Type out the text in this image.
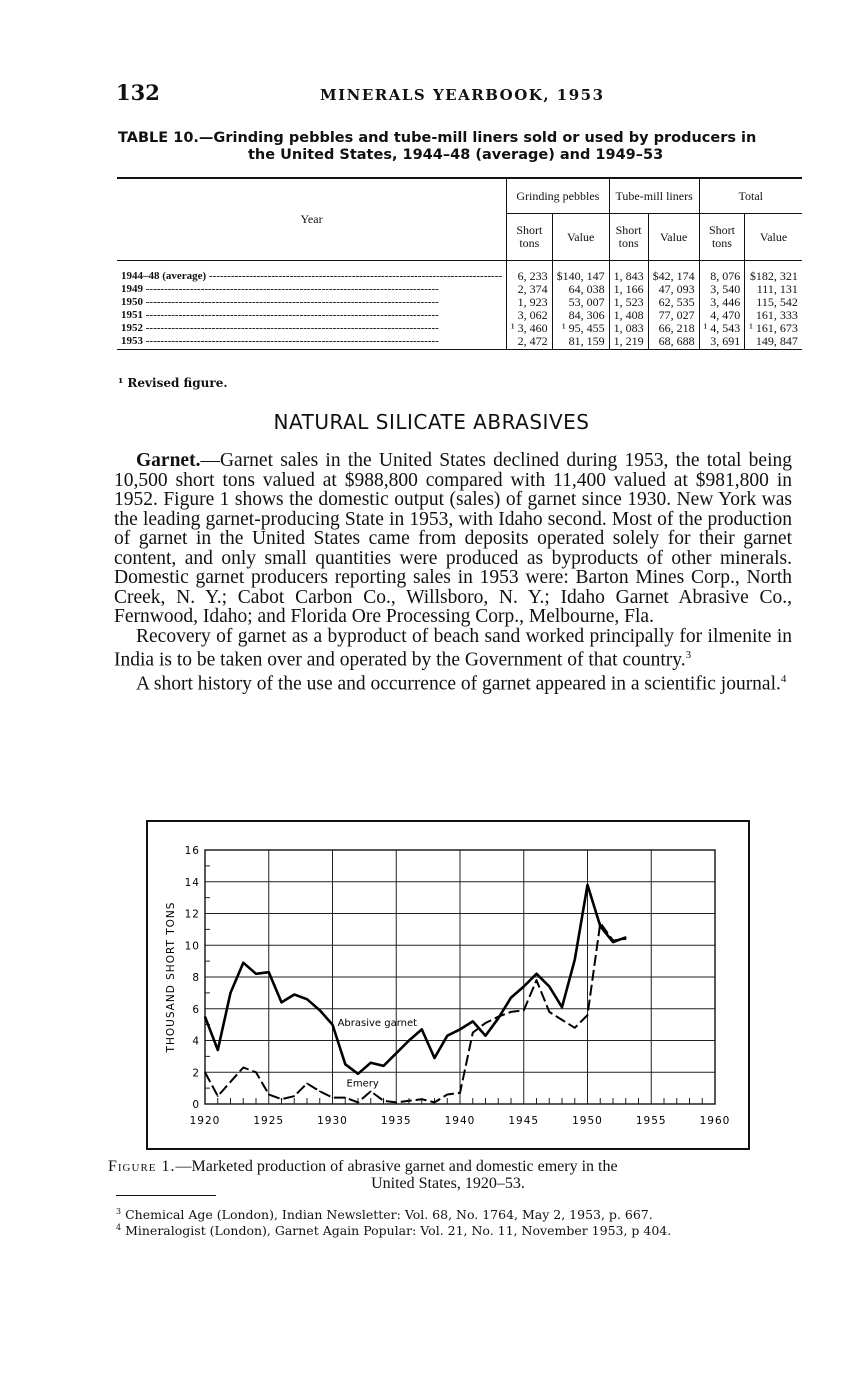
132	MINERALS YEARBOOK, 1953
TABLE 10.—Grinding pebbles and tube-mill liners sold or used by producers in
the United States, 1944–48 (average) and 1949–53
Year	Grinding pebbles		Tube-mill liners		Total	
	Short tons	Value	Short tons	Value	Short tons	Value
1944–48 (average) --------------------------------------------------------------------------------	6, 233	$140, 147	1, 843	$42, 174	8, 076	$182, 321
1949 --------------------------------------------------------------------------------	2, 374	64, 038	1, 166	47, 093	3, 540	111, 131
1950 --------------------------------------------------------------------------------	1, 923	53, 007	1, 523	62, 535	3, 446	115, 542
1951 --------------------------------------------------------------------------------	3, 062	84, 306	1, 408	77, 027	4, 470	161, 333
1952 --------------------------------------------------------------------------------	¹ 3, 460	¹ 95, 455	1, 083	66, 218	¹ 4, 543	¹ 161, 673
1953 --------------------------------------------------------------------------------	2, 472	81, 159	1, 219	68, 688	3, 691	149, 847
¹ Revised figure.
NATURAL SILICATE ABRASIVES

Garnet.—Garnet sales in the United States declined during 1953, the total being 10,500 short tons valued at $988,800 compared with 11,400 valued at $981,800 in 1952. Figure 1 shows the domestic output (sales) of garnet since 1930. New York was the leading garnet-producing State in 1953, with Idaho second. Most of the production of garnet in the United States came from deposits operated solely for their garnet content, and only small quantities were produced as byproducts of other minerals. Domestic garnet producers reporting sales in 1953 were: Barton Mines Corp., North Creek, N. Y.; Cabot Carbon Co., Willsboro, N. Y.; Idaho Garnet Abrasive Co., Fernwood, Idaho; and Florida Ore Processing Corp., Melbourne, Fla.

Recovery of garnet as a byproduct of beach sand worked principally for ilmenite in India is to be taken over and operated by the Government of that country.$^3$

A short history of the use and occurrence of garnet appeared in a scientific journal.$^4$

1920	1925	1930	1935	1940	1945	1950	1955	1960
0
2
4
6
8
10
12
14
16
THOUSAND SHORT TONS	Abrasive garnet
Emery
Figure 1.—Marketed production of abrasive garnet and domestic emery in the
United States, 1920–53.
$^3$ Chemical Age (London), Indian Newsletter: Vol. 68, No. 1764, May 2, 1953, p. 667.
$^4$ Mineralogist (London), Garnet Again Popular: Vol. 21, No. 11, November 1953, p 404.
